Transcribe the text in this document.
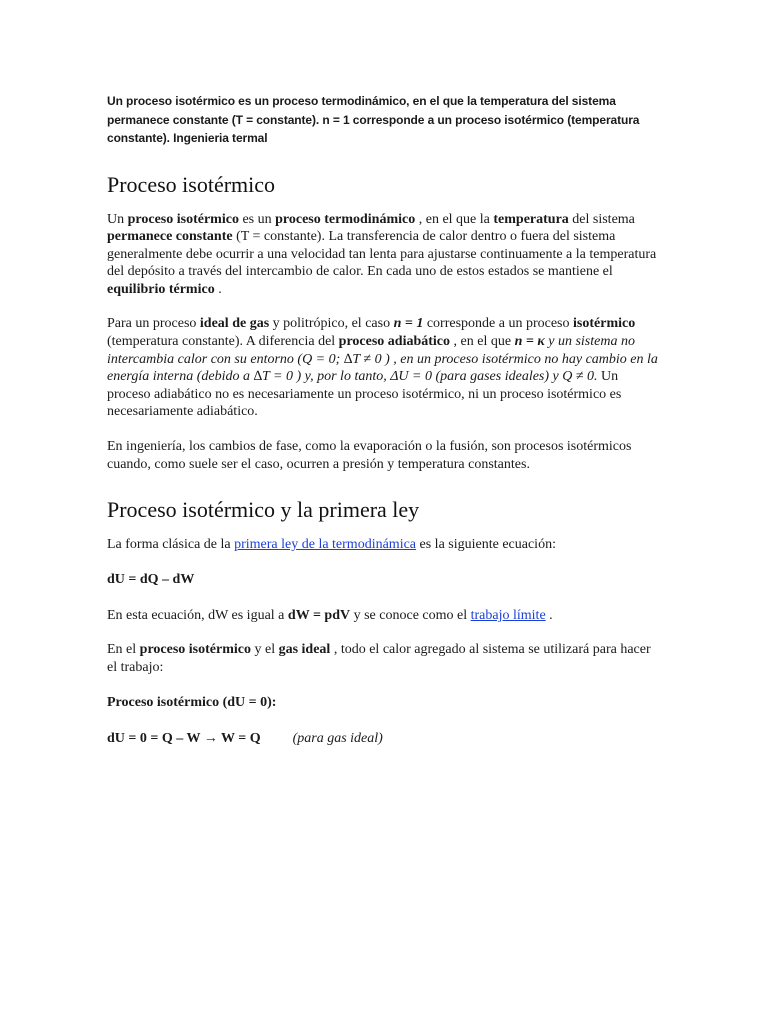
Un proceso isotérmico es un proceso termodinámico, en el que la temperatura del sistema permanece constante (T = constante). n = 1 corresponde a un proceso isotérmico (temperatura constante). Ingenieria termal

Proceso isotérmico

Un proceso isotérmico es un proceso termodinámico , en el que la temperatura del sistema permanece constante (T = constante). La transferencia de calor dentro o fuera del sistema generalmente debe ocurrir a una velocidad tan lenta para ajustarse continuamente a la temperatura del depósito a través del intercambio de calor. En cada uno de estos estados se mantiene el equilibrio térmico .

Para un proceso ideal de gas y politrópico, el caso n = 1 corresponde a un proceso isotérmico (temperatura constante). A diferencia del proceso adiabático , en el que n = κ y un sistema no intercambia calor con su entorno (Q = 0; ∆T ≠ 0 ) , en un proceso isotérmico no hay cambio en la energía interna (debido a ∆T = 0 ) y, por lo tanto, ΔU = 0 (para gases ideales) y Q ≠ 0. Un proceso adiabático no es necesariamente un proceso isotérmico, ni un proceso isotérmico es necesariamente adiabático.

En ingeniería, los cambios de fase, como la evaporación o la fusión, son procesos isotérmicos cuando, como suele ser el caso, ocurren a presión y temperatura constantes.

Proceso isotérmico y la primera ley

La forma clásica de la primera ley de la termodinámica es la siguiente ecuación:

dU = dQ – dW

En esta ecuación, dW es igual a dW = pdV y se conoce como el trabajo límite .

En el proceso isotérmico y el gas ideal , todo el calor agregado al sistema se utilizará para hacer el trabajo:

Proceso isotérmico (dU = 0):

dU = 0 = Q – W → W = Q (para gas ideal)
